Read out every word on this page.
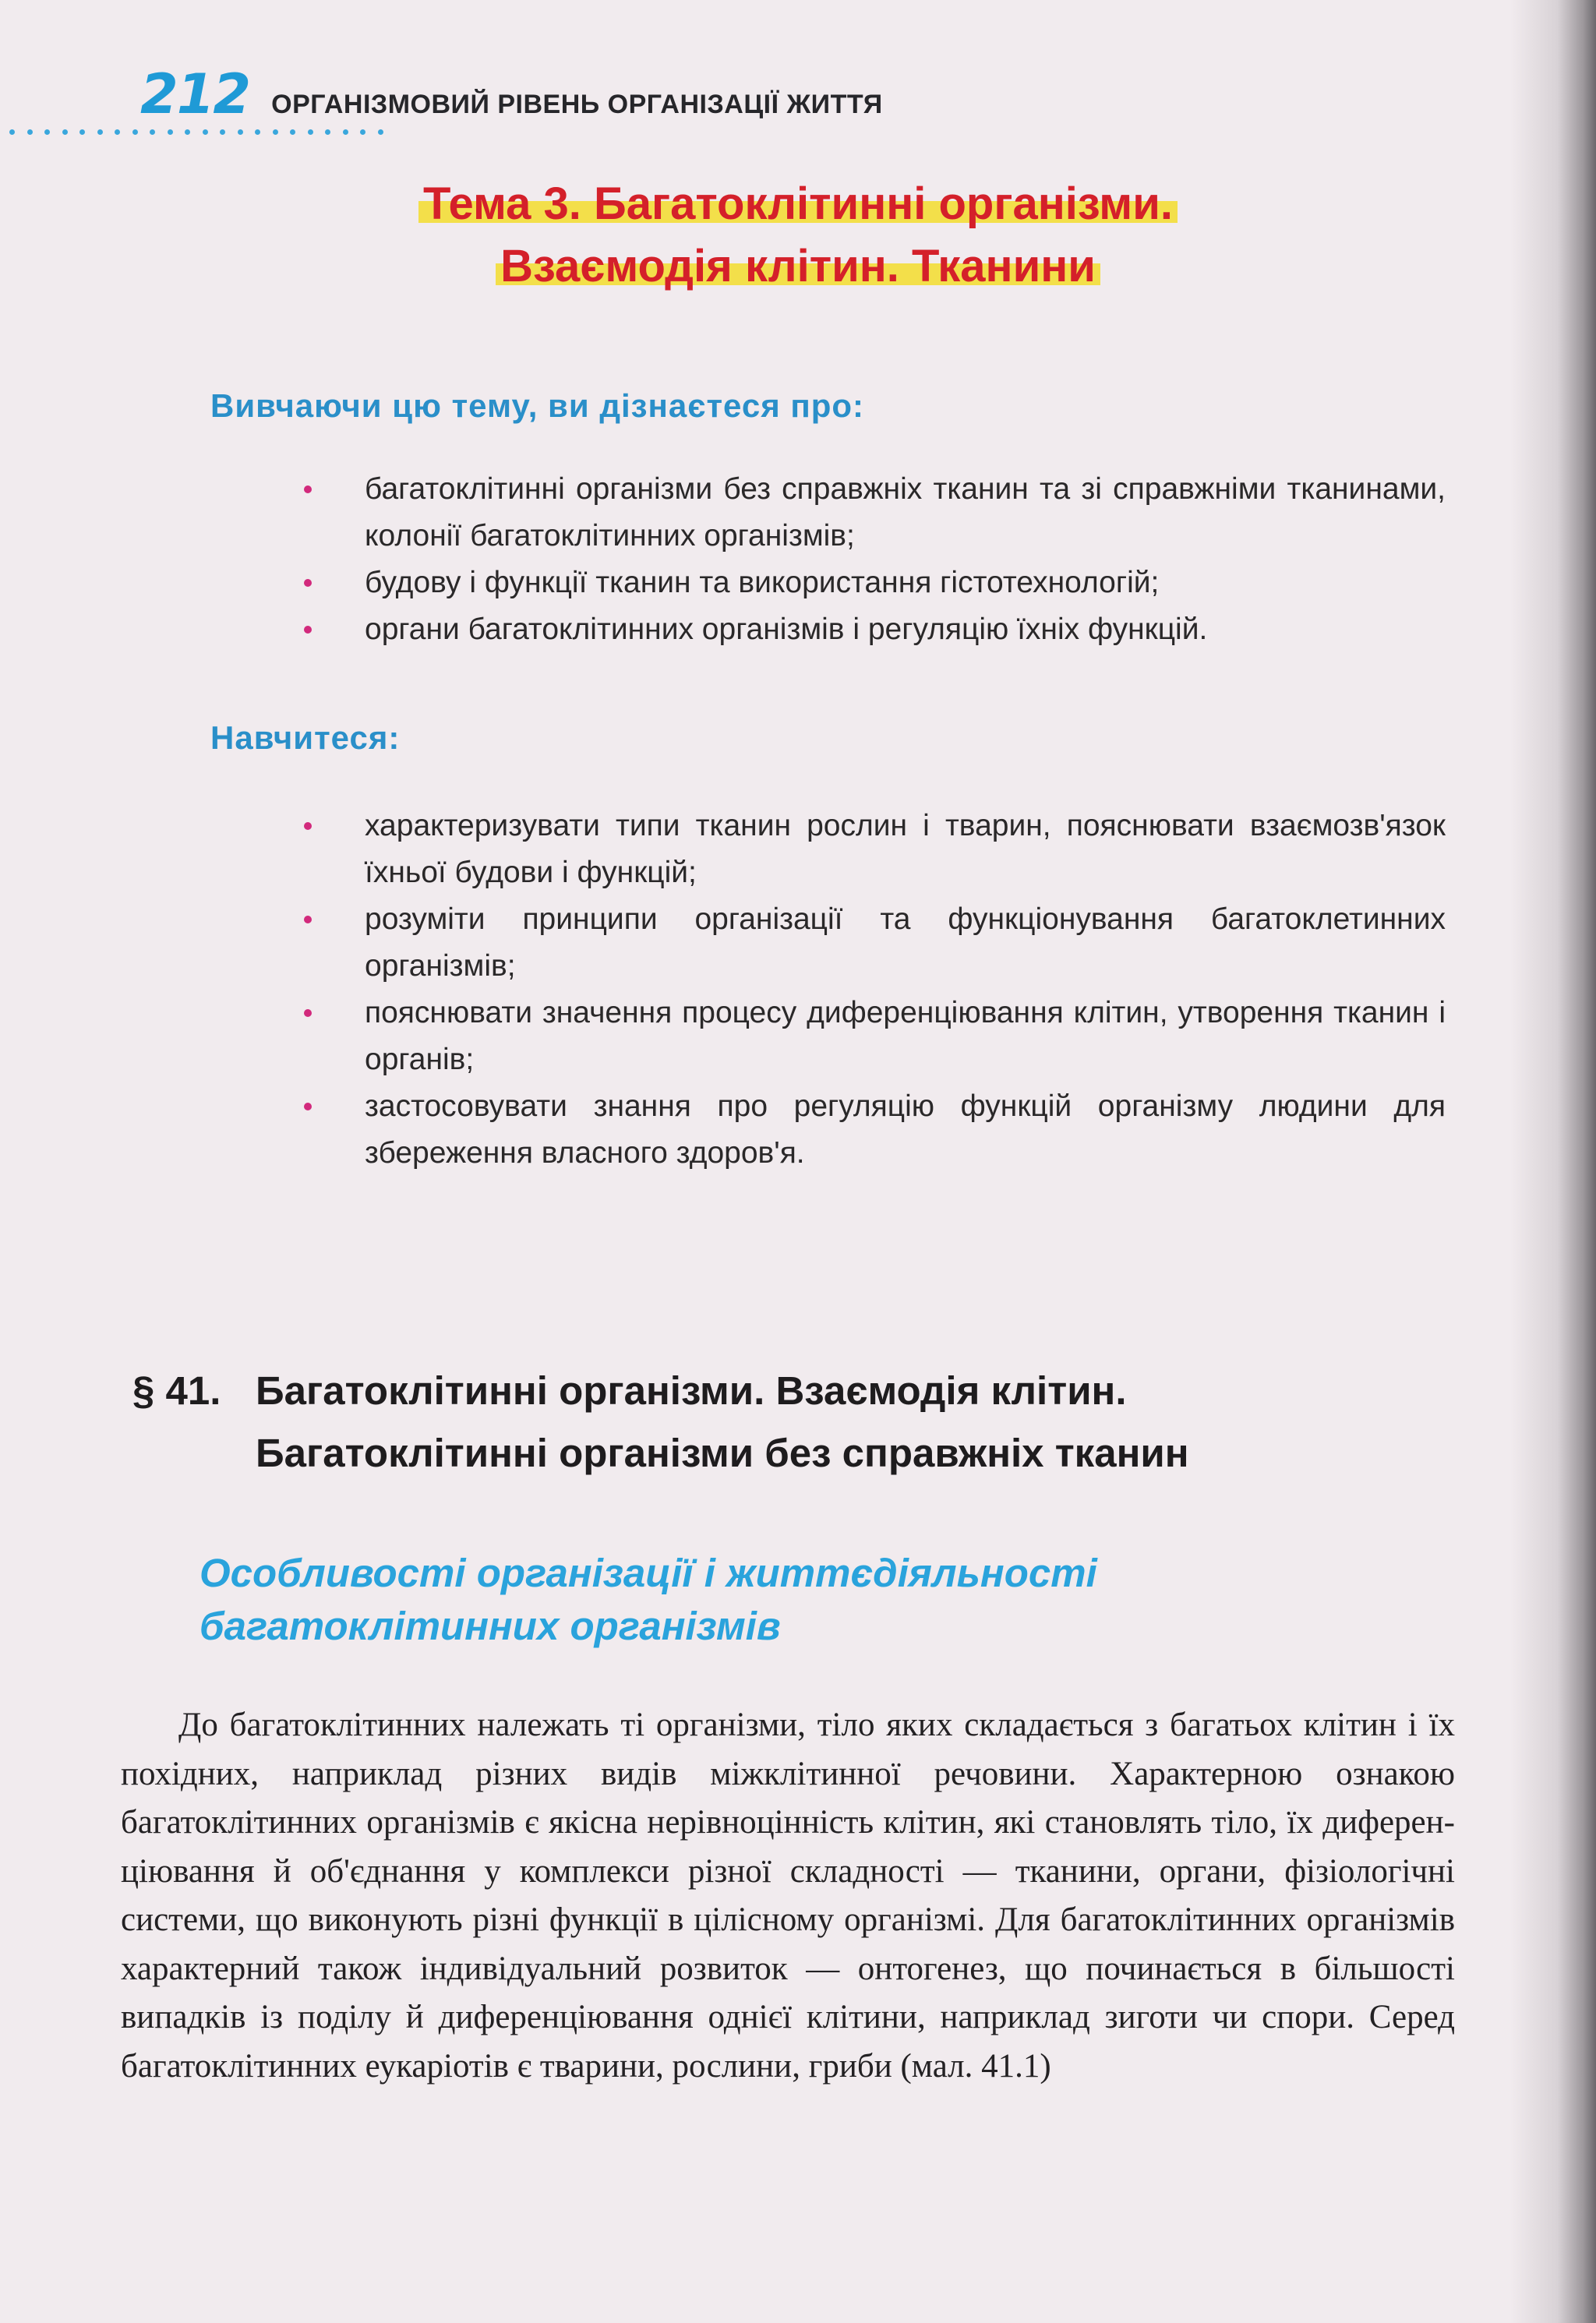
212 ОРГАНІЗМОВИЙ РІВЕНЬ ОРГАНІЗАЦІЇ ЖИТТЯ
Тема 3. Багатоклітинні організми.
Взаємодія клітин. Тканини
Вивчаючи цю тему, ви дізнаєтеся про:
багатоклітинні організми без справжніх тканин та зі справжніми тканинами, колонії багатоклітинних організмів;
будову і функції тканин та використання гістотехнологій;
органи багатоклітинних організмів і регуляцію їхніх функцій.
Навчитеся:
характеризувати типи тканин рослин і тварин, пояснювати взаємозв'язок їхньої будови і функцій;
розуміти принципи організації та функціонування багатоклетинних організмів;
пояснювати значення процесу диференціювання клітин, утворення тканин і органів;
застосовувати знання про регуляцію функцій організму людини для збереження власного здоров'я.
§ 41. Багатоклітинні організми. Взаємодія клітин.
Багатоклітинні організми без справжніх тканин
Особливості організації і життєдіяльності
багатоклітинних організмів

До багатоклітинних належать ті організми, тіло яких складається з багатьох клітин і їх похідних, наприклад різних видів міжклітинної речовини. Характерною ознакою багатоклітинних організмів є якісна нерівноцінність клітин, які становлять тіло, їх диференціювання й об'єднання у комплекси різної складності — тканини, органи, фізіологічні системи, що виконують різні функції в цілісному організмі. Для багатоклітинних організмів характерний також індивідуальний розвиток — онтогенез, що починається в більшості випадків із поділу й диференціювання однієї клітини, наприклад зиготи чи спори. Серед багатоклітинних еукаріотів є тварини, рослини, гриби (мал. 41.1)
